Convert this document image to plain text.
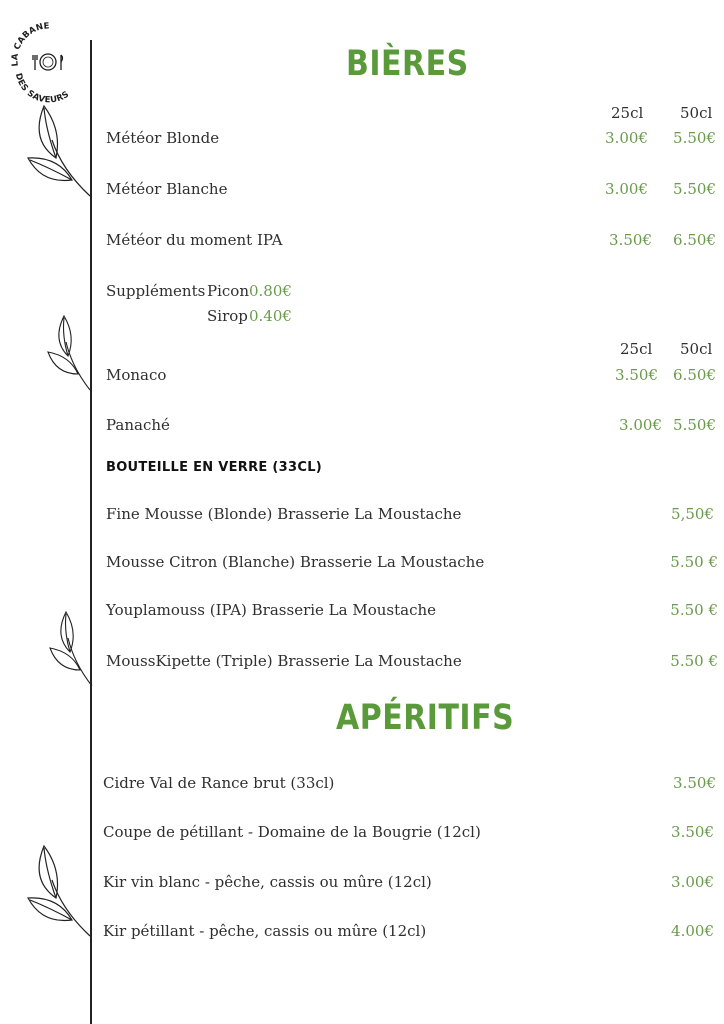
LA CABANE
DES SAVEURS
BIÈRES
25cl 50cl
Météor Blonde	3.00€ 5.50€
Météor Blanche	3.00€ 5.50€
Météor du moment IPA	3.50€ 6.50€
Suppléments Picon 0.80€
Sirop 0.40€
25cl 50cl
Monaco	3.50€ 6.50€
Panaché	3.00€ 5.50€
BOUTEILLE EN VERRE (33CL)
Fine Mousse (Blonde) Brasserie La Moustache	5,50€
Mousse Citron (Blanche) Brasserie La Moustache	5.50 €
Youplamouss (IPA) Brasserie La Moustache	5.50 €
MoussKipette (Triple) Brasserie La Moustache	5.50 €
APÉRITIFS
Cidre Val de Rance brut (33cl)	3.50€
Coupe de pétillant - Domaine de la Bougrie (12cl)	3.50€
Kir vin blanc - pêche, cassis ou mûre (12cl)	3.00€
Kir pétillant - pêche, cassis ou mûre (12cl)	4.00€
